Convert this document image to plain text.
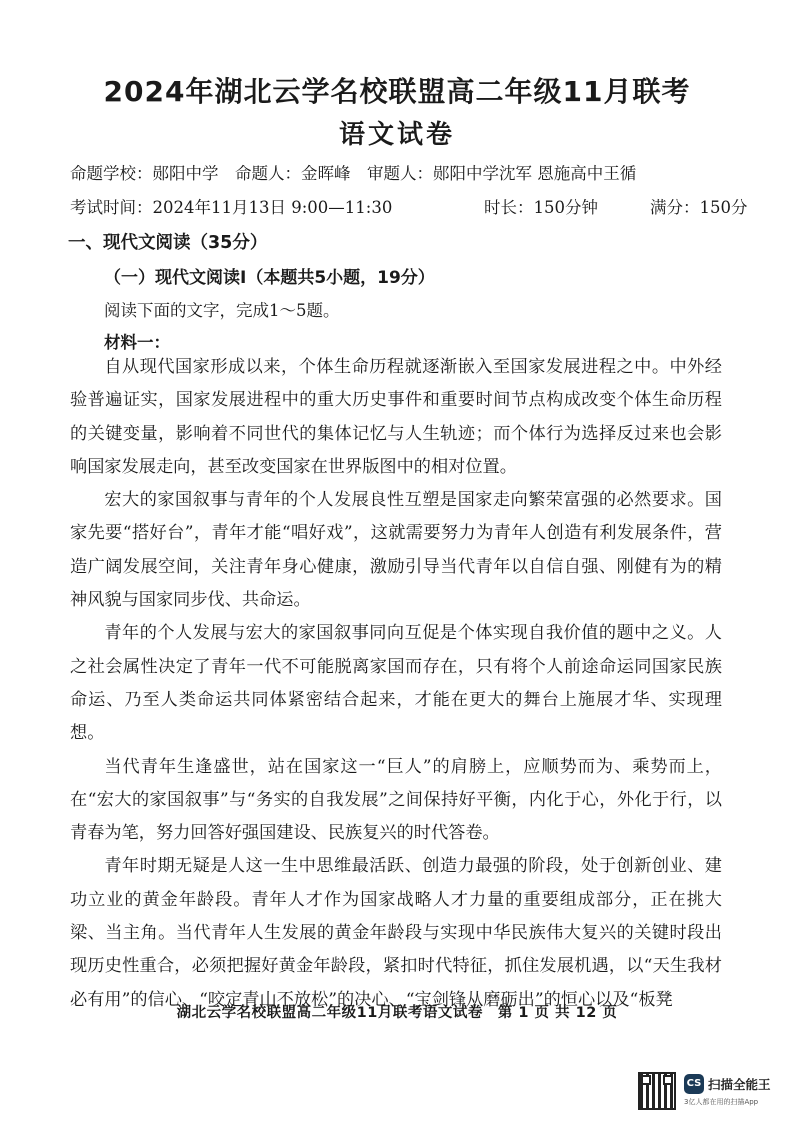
2024年湖北云学名校联盟高二年级11月联考
语文试卷
命题学校：郧阳中学　命题人：金晖峰　审题人：郧阳中学沈军 恩施高中王循
考试时间：2024年11月13日 9:00—11:30	时长：150分钟	满分：150分
一、现代文阅读（35分）
（一）现代文阅读Ⅰ（本题共5小题，19分）
阅读下面的文字，完成1～5题。
材料一：

自从现代国家形成以来，个体生命历程就逐渐嵌入至国家发展进程之中。中外经验普遍证实，国家发展进程中的重大历史事件和重要时间节点构成改变个体生命历程的关键变量，影响着不同世代的集体记忆与人生轨迹；而个体行为选择反过来也会影响国家发展走向，甚至改变国家在世界版图中的相对位置。

宏大的家国叙事与青年的个人发展良性互塑是国家走向繁荣富强的必然要求。国家先要“搭好台”，青年才能“唱好戏”，这就需要努力为青年人创造有利发展条件，营造广阔发展空间，关注青年身心健康，激励引导当代青年以自信自强、刚健有为的精神风貌与国家同步伐、共命运。

青年的个人发展与宏大的家国叙事同向互促是个体实现自我价值的题中之义。人之社会属性决定了青年一代不可能脱离家国而存在，只有将个人前途命运同国家民族命运、乃至人类命运共同体紧密结合起来，才能在更大的舞台上施展才华、实现理想。

当代青年生逢盛世，站在国家这一“巨人”的肩膀上，应顺势而为、乘势而上，在“宏大的家国叙事”与“务实的自我发展”之间保持好平衡，内化于心，外化于行，以青春为笔，努力回答好强国建设、民族复兴的时代答卷。

青年时期无疑是人这一生中思维最活跃、创造力最强的阶段，处于创新创业、建功立业的黄金年龄段。青年人才作为国家战略人才力量的重要组成部分，正在挑大梁、当主角。当代青年人生发展的黄金年龄段与实现中华民族伟大复兴的关键时段出现历史性重合，必须把握好黄金年龄段，紧扣时代特征，抓住发展机遇，以“天生我材必有用”的信心、“咬定青山不放松”的决心、“宝剑锋从磨砺出”的恒心以及“板凳

湖北云学名校联盟高二年级11月联考语文试卷　第 1 页 共 12 页
CS 扫描全能王
3亿人都在用的扫描App
